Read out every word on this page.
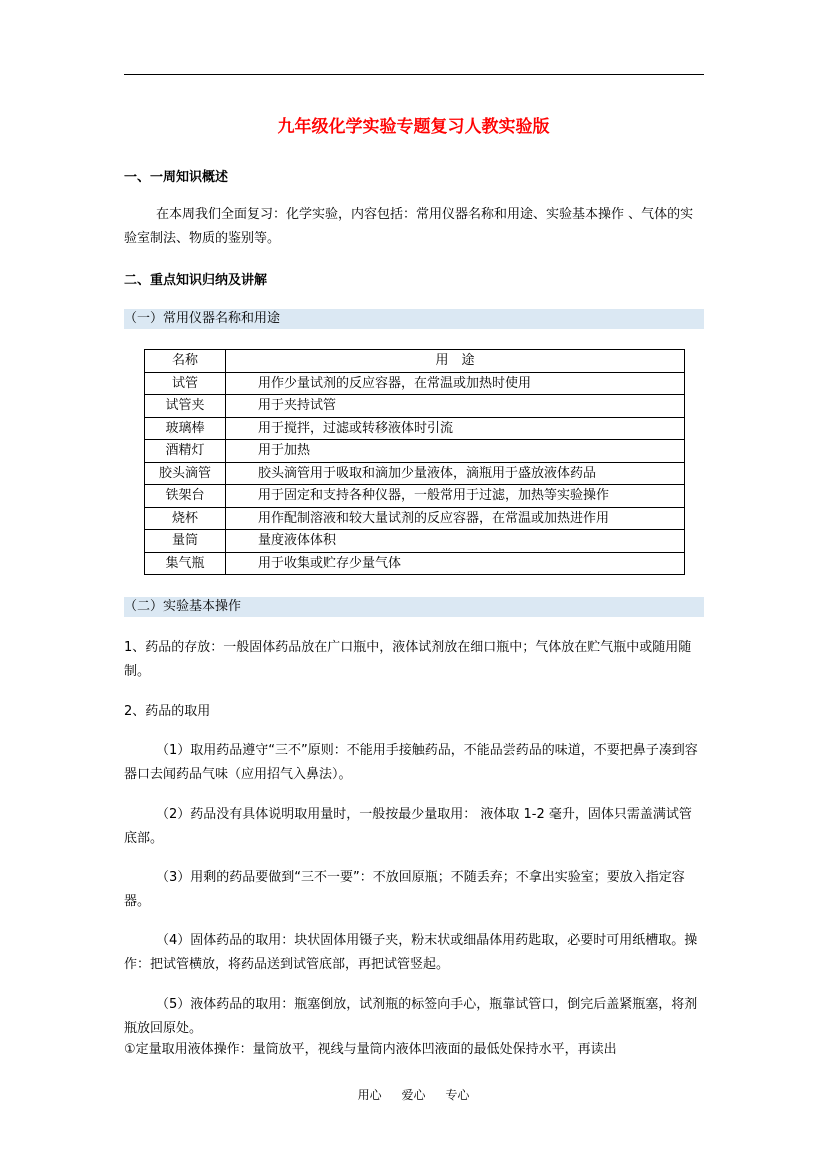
九年级化学实验专题复习人教实验版
一、一周知识概述
在本周我们全面复习：化学实验，内容包括：常用仪器名称和用途、实验基本操作 、气体的实验室制法、物质的鉴别等。
二、重点知识归纳及讲解
（一）常用仪器名称和用途
名称	用　途
试管	用作少量试剂的反应容器，在常温或加热时使用
试管夹	用于夹持试管
玻璃棒	用于搅拌，过滤或转移液体时引流
酒精灯	用于加热
胶头滴管	胶头滴管用于吸取和滴加少量液体，滴瓶用于盛放液体药品
铁架台	用于固定和支持各种仪器，一般常用于过滤，加热等实验操作
烧杯	用作配制溶液和较大量试剂的反应容器，在常温或加热进作用
量筒	量度液体体积
集气瓶	用于收集或贮存少量气体
（二）实验基本操作
1、药品的存放：一般固体药品放在广口瓶中，液体试剂放在细口瓶中；气体放在贮气瓶中或随用随制。
2、药品的取用
（1）取用药品遵守“三不”原则：不能用手接触药品，不能品尝药品的味道，不要把鼻子凑到容器口去闻药品气味（应用招气入鼻法）。
（2）药品没有具体说明取用量时，一般按最少量取用： 液体取 1-2 毫升，固体只需盖满试管底部。
（3）用剩的药品要做到“三不一要”：不放回原瓶；不随丢弃；不拿出实验室；要放入指定容器。
（4）固体药品的取用：块状固体用镊子夹，粉末状或细晶体用药匙取，必要时可用纸槽取。操作：把试管横放，将药品送到试管底部，再把试管竖起。
（5）液体药品的取用：瓶塞倒放，试剂瓶的标签向手心，瓶靠试管口，倒完后盖紧瓶塞，将剂瓶放回原处。
①定量取用液体操作：量筒放平，视线与量筒内液体凹液面的最低处保持水平，再读出
用心 爱心 专心
